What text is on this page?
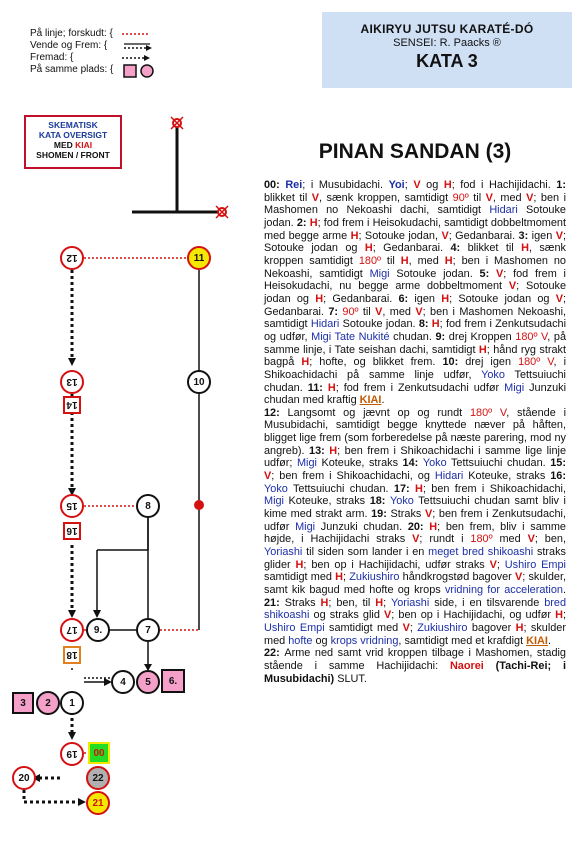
På linje; forskudt: {
Vende og Frem: {
Fremad: {
På samme plads: {
AIKIRYU JUTSU KARATÉ-DÓ
SENSEI: R. Paacks ®
KATA 3
SKEMATISK
KATA OVERSIGT
MED KIAI
SHOMEN / FRONT	PINAN SANDAN (3)
11
12
13
14
10
15
16
8
17	9.	7
18
3	2	1
4	5	6.
19	00
20	22
21

00: Rei; i Musubidachi. Yoi; V og H; fod i Hachijidachi. 1: blikket til V, sænk kroppen, samtidigt 90º til V, med V; ben i Mashomen no Nekoashi dachi, samtidigt Hidari Sotouke jodan. 2: H; fod frem i Heisokudachi, samtidigt dobbeltmoment med begge arme H; Sotouke jodan, V; Gedanbarai. 3: igen V; Sotouke jodan og H; Gedanbarai. 4: blikket til H, sænk kroppen samtidigt 180º til H, med H; ben i Mashomen no Nekoashi, samtidigt Migi Sotouke jodan. 5: V; fod frem i Heisokudachi, nu begge arme dobbeltmoment V; Sotouke jodan og H; Gedanbarai. 6: igen H; Sotouke jodan og V; Gedanbarai. 7: 90º til V, med V; ben i Mashomen Nekoashi, samtidigt Hidari Sotouke jodan. 8: H; fod frem i Zenkutsudachi og udfør, Migi Tate Nukité chudan. 9: drej Kroppen 180º V, på samme linje, i Tate seishan dachi, samtidigt H; hånd ryg strakt bagpå H; hofte, og blikket frem. 10: drej igen 180º V, i Shikoachidachi på samme linje udfør, Yoko Tettsuiuchi chudan. 11: H; fod frem i Zenkutsudachi udfør Migi Junzuki chudan med kraftig KIAI.

12: Langsomt og jævnt op og rundt 180º V, stående i Musubidachi, samtidigt begge knyttede næver på håften, bligget lige frem (som forberedelse på næste parering, mod ny angreb). 13: H; ben frem i Shikoachidachi i samme lige linje udfør; Migi Koteuke, straks 14: Yoko Tettsuiuchi chudan. 15: V; ben frem i Shikoachidachi, og Hidari Koteuke, straks 16: Yoko Tettsuiuchi chudan. 17: H; ben frem i Shikoachidachi, Migi Koteuke, straks 18: Yoko Tettsuiuchi chudan samt bliv i kime med strakt arm. 19: Straks V; ben frem i Zenkutsudachi, udfør Migi Junzuki chudan. 20: H; ben frem, bliv i samme højde, i Hachijidachi straks V; rundt i 180º med V; ben, Yoriashi til siden som lander i en meget bred shikoashi straks glider H; ben op i Hachijidachi, udfør straks V; Ushiro Empi samtidigt med H; Zukiushiro håndkrogstød bagover V; skulder, samt kik bagud med hofte og krops vridning for acceleration. 21: Straks H; ben, til H; Yoriashi side, i en tilsvarende bred shikoashi og straks glid V; ben op i Hachijidachi, og udfør H; Ushiro Empi samtidigt med V; Zukiushiro bagover H; skulder med hofte og krops vridning, samtidigt med et krafdigt KIAI.

22: Arme ned samt vrid kroppen tilbage i Mashomen, stadig stående i samme Hachijidachi: Naorei (Tachi-Rei; i Musubidachi) SLUT.
